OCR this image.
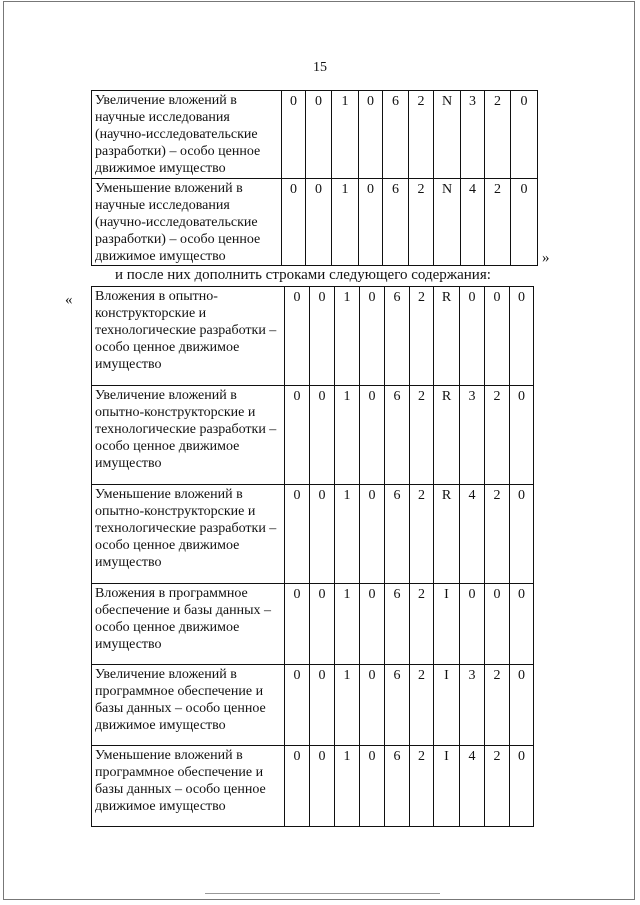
15
Увеличение вложений в научные исследования (научно-исследовательские разработки) – особо ценное движимое имущество	0	0	1	0	6	2	N	3	2	0
Уменьшение вложений в научные исследования (научно-исследовательские разработки) – особо ценное движимое имущество	0	0	1	0	6	2	N	4	2	0
»
и после них дополнить строками следующего содержания:
« Вложения в опытно-конструкторские и технологические разработки – особо ценное движимое имущество	0	0	1	0	6	2	R	0	0	0
Увеличение вложений в опытно-конструкторские и технологические разработки – особо ценное движимое имущество	0	0	1	0	6	2	R	3	2	0
Уменьшение вложений в опытно-конструкторские и технологические разработки – особо ценное движимое имущество	0	0	1	0	6	2	R	4	2	0
Вложения в программное обеспечение и базы данных – особо ценное движимое имущество	0	0	1	0	6	2	I	0	0	0
Увеличение вложений в программное обеспечение и базы данных – особо ценное движимое имущество	0	0	1	0	6	2	I	3	2	0
Уменьшение вложений в программное обеспечение и базы данных – особо ценное движимое имущество	0	0	1	0	6	2	I	4	2	0
